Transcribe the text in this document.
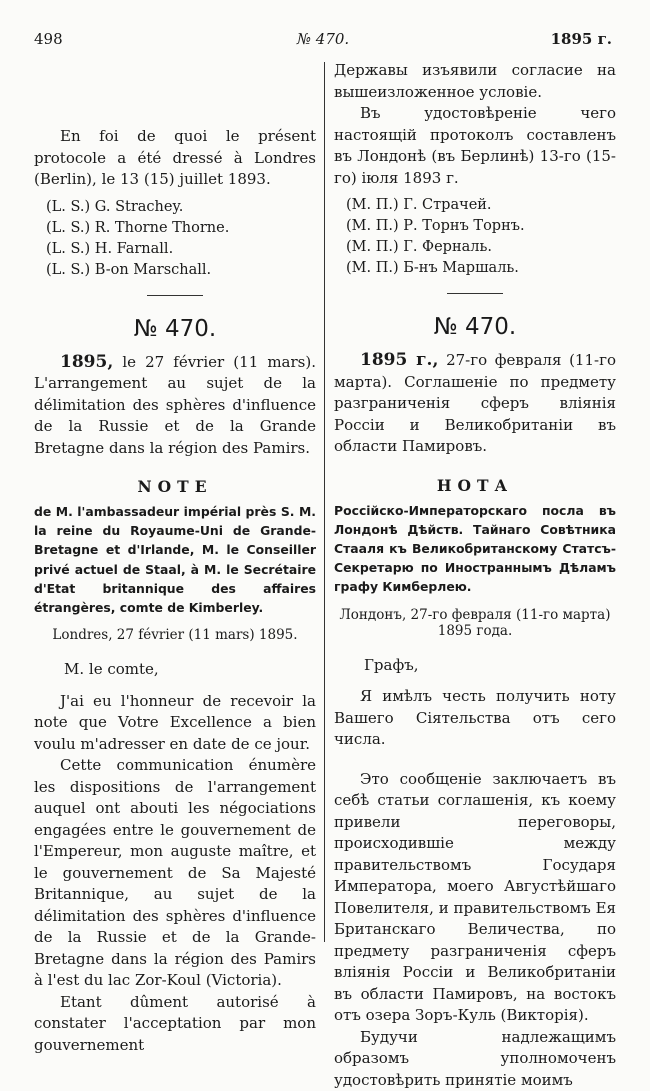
498	№ 470.	1895 г.

En foi de quoi le présent protocole a été dressé à Londres (Berlin), le 13 (15) juillet 1893.

(L. S.) G. Strachey.
(L. S.) R. Thorne Thorne.
(L. S.) H. Farnall.
(L. S.) B-on Marschall.
№ 470.

1895, le 27 février (11 mars). L'arrangement au sujet de la délimitation des sphères d'influence de la Russie et de la Grande Bretagne dans la région des Pamirs.

NOTE
de M. l'ambassadeur impérial près S. M. la reine du Royaume-Uni de Grande-Bretagne et d'Irlande, M. le Conseiller privé actuel de Staal, à M. le Secrétaire d'Etat britannique des affaires étrangères, comte de Kimberley.
Londres, 27 février (11 mars) 1895.

M. le comte,

J'ai eu l'honneur de recevoir la note que Votre Excellence a bien voulu m'adresser en date de ce jour.

Cette communication énumère les dispositions de l'arrangement auquel ont abouti les négociations engagées entre le gouvernement de l'Empereur, mon auguste maître, et le gouvernement de Sa Majesté Britannique, au sujet de la délimitation des sphères d'influence de la Russie et de la Grande-Bretagne dans la région des Pamirs à l'est du lac Zor-Koul (Victoria).

Etant dûment autorisé à constater l'acceptation par mon gouvernement

Державы изъявили согласие на вышеизложенное условіе.

Въ удостовѣреніе чего настоящій протоколъ составленъ въ Лондонѣ (въ Берлинѣ) 13-го (15-го) іюля 1893 г.

(М. П.) Г. Страчей.
(М. П.) Р. Торнъ Торнъ.
(М. П.) Г. Ферналь.
(М. П.) Б-нъ Маршаль.
№ 470.

1895 г., 27-го февраля (11-го марта). Соглашеніе по предмету разграниченія сферъ вліянія Россіи и Великобританіи въ области Памировъ.

НОТА
Россійско-Императорскаго посла въ Лондонѣ Дѣйств. Тайнаго Совѣтника Стааля къ Великобританскому Статсъ-Секретарю по Иностраннымъ Дѣламъ графу Кимберлею.
Лондонъ, 27-го февраля (11-го марта) 1895 года.

Графъ,

Я имѣлъ честь получить ноту Вашего Сіятельства отъ сего числа.

Это сообщеніе заключаетъ въ себѣ статьи соглашенія, къ коему привели переговоры, происходившіе между правительствомъ Государя Императора, моего Августѣйшаго Повелителя, и правительствомъ Ея Британскаго Величества, по предмету разграниченія сферъ вліянія Россіи и Великобританіи въ области Памировъ, на востокъ отъ озера Зоръ-Куль (Викторія).

Будучи надлежащимъ образомъ уполномоченъ удостовѣрить принятіе моимъ
